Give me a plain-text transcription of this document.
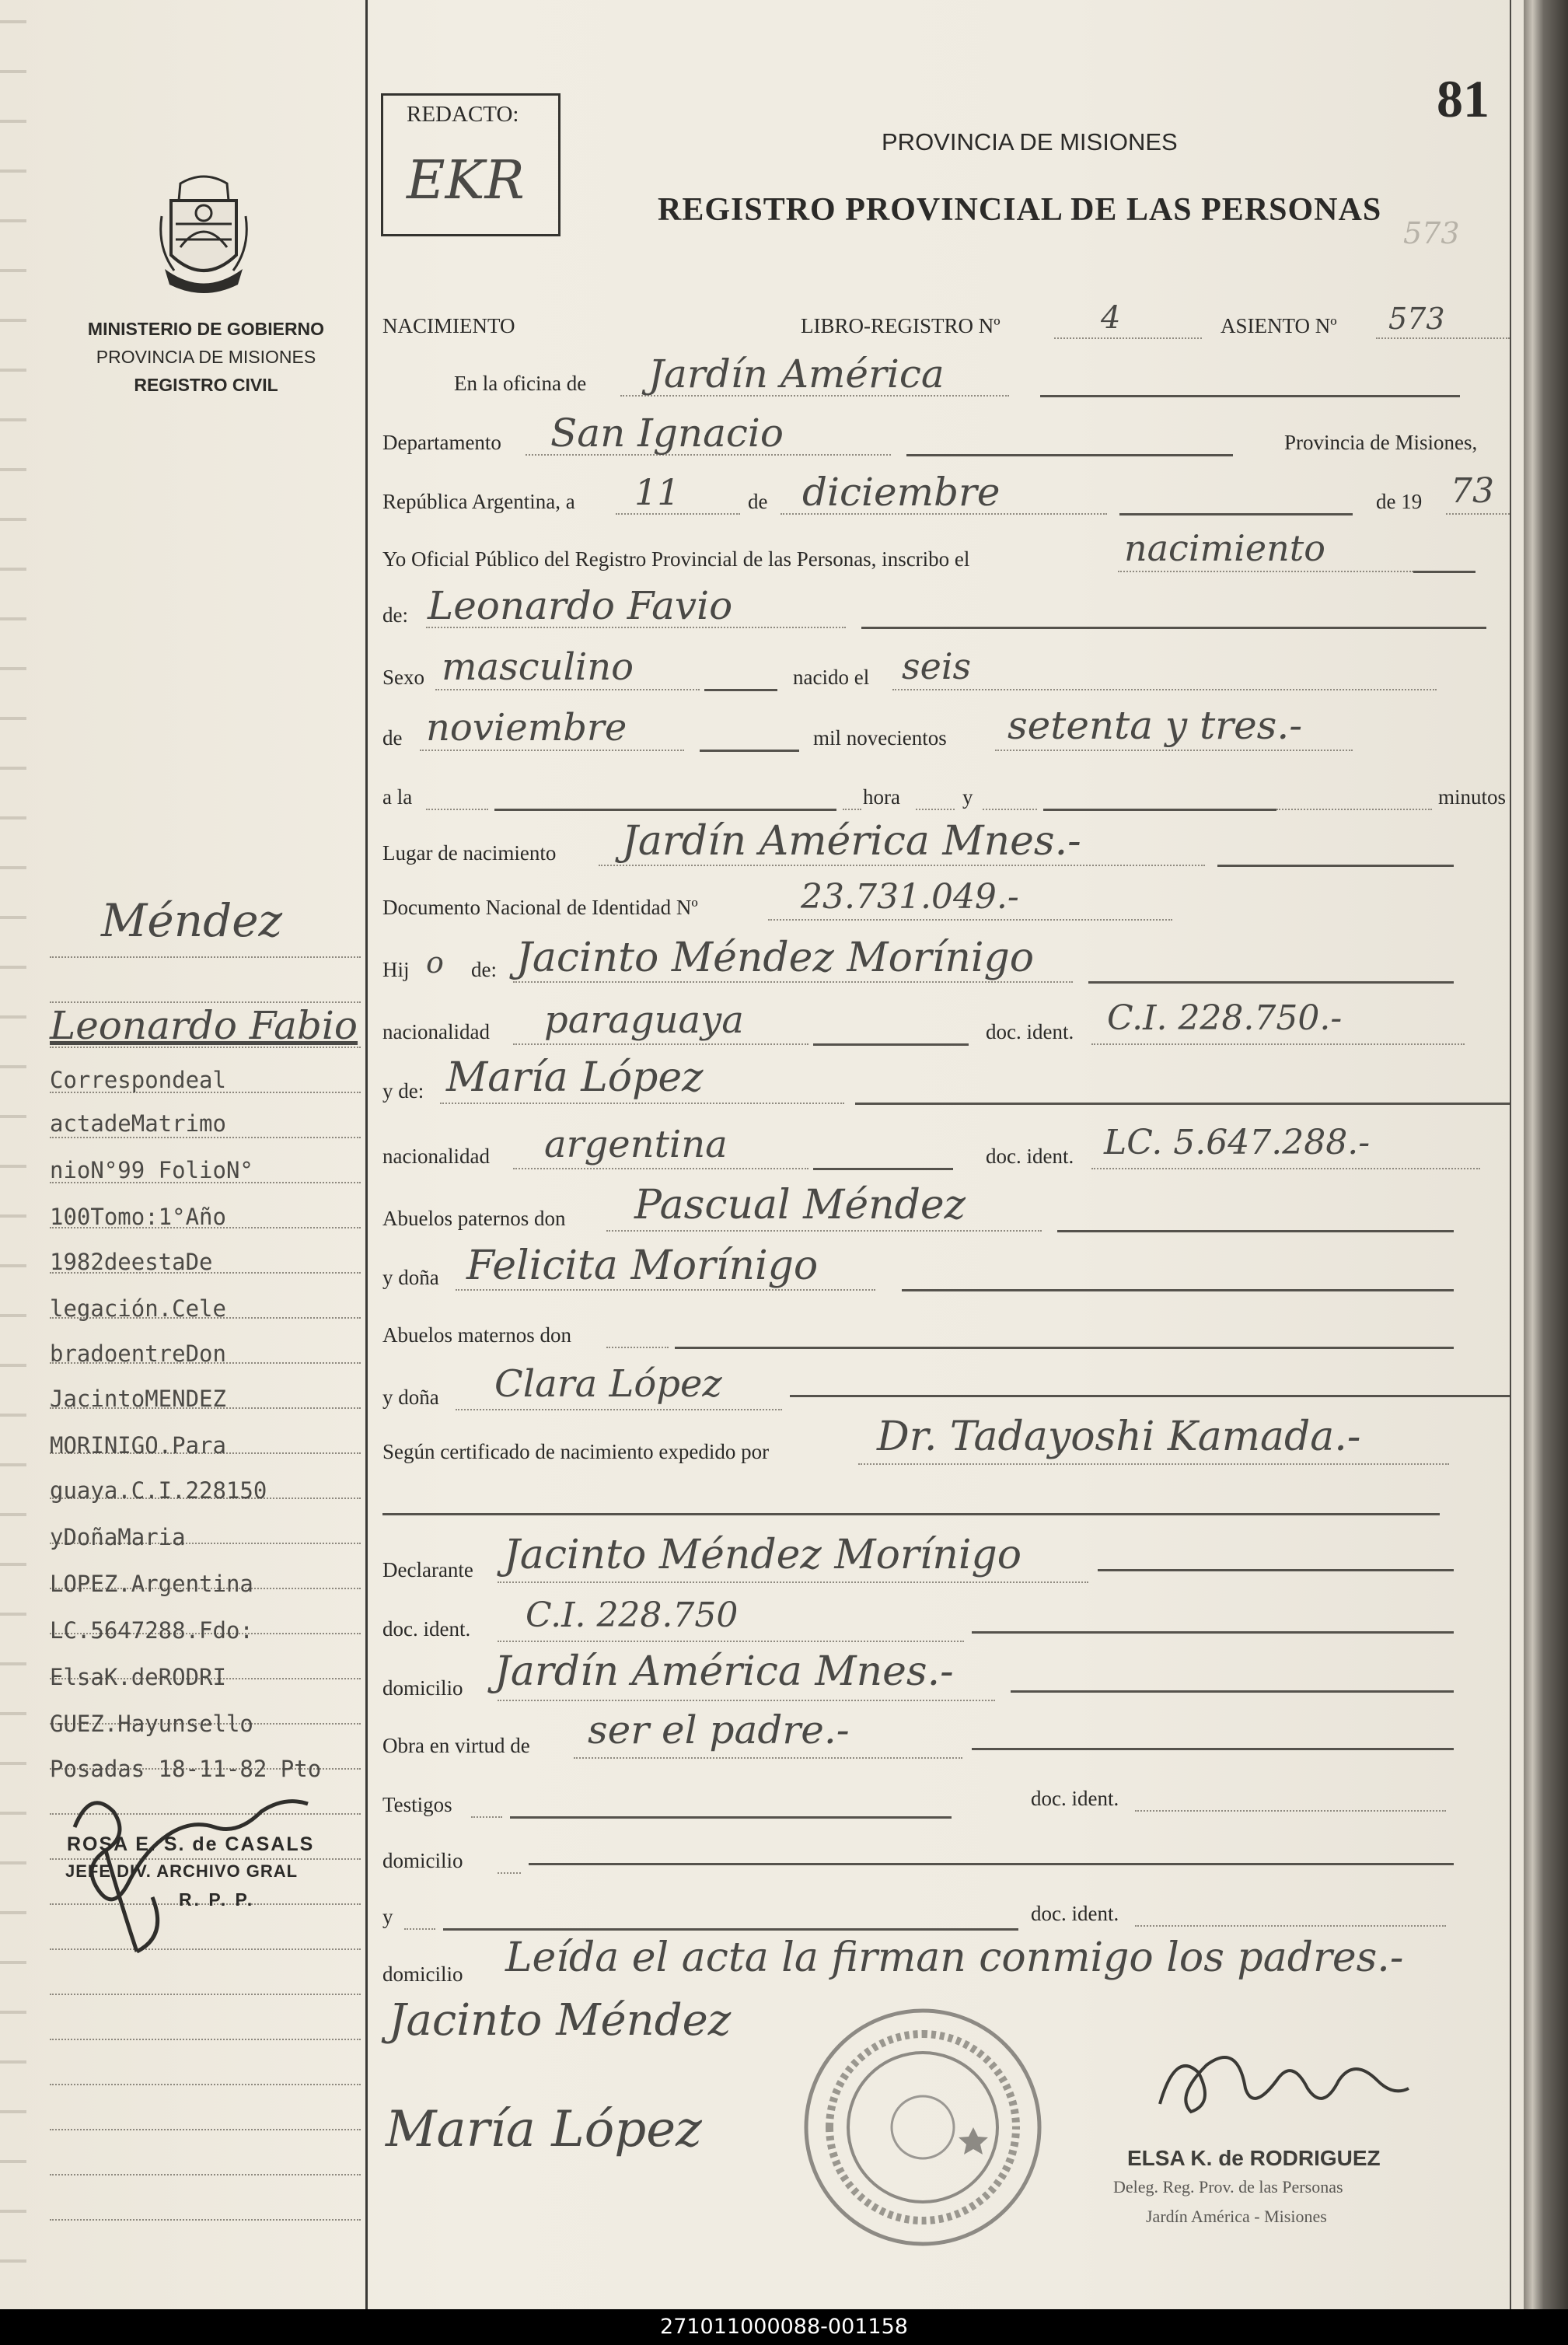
REDACTO:
EKR
81
PROVINCIA DE MISIONES
REGISTRO PROVINCIAL DE LAS PERSONAS
573
MINISTERIO DE GOBIERNO
PROVINCIA DE MISIONES
REGISTRO CIVIL
Méndez
Leonardo Fabio
Correspondeal
actadeMatrimo
nioN°99 FolioN°
100Tomo:1°Año
1982deestaDe
legación.Cele
bradoentreDon
JacintoMENDEZ
MORINIGO.Para
guaya.C.I.228150
yDoñaMaria
LOPEZ.Argentina
LC.5647288.Fdo:
ElsaK.deRODRI
GUEZ.Hayunsello
Posadas 18-11-82 Pto
ROSA E. S. de CASALS
JEFE DIV. ARCHIVO GRAL
R. P. P.
NACIMIENTO	LIBRO-REGISTRO Nº	4	ASIENTO Nº 573
En la oficina de Jardín América
Departamento San Ignacio	Provincia de Misiones,
República Argentina, a 11	de diciembre	de 19 73
Yo Oficial Público del Registro Provincial de las Personas, inscribo el	nacimiento
de: Leonardo Favio
Sexo masculino	nacido el seis
de noviembre	mil novecientos setenta y tres.-
a la	hora	y	minutos
Lugar de nacimiento Jardín América Mnes.-
Documento Nacional de Identidad Nº	23.731.049.-
Hij o de: Jacinto Méndez Morínigo
nacionalidad paraguaya	doc. ident. C.I. 228.750.-
y de: María López
nacionalidad argentina	doc. ident. LC. 5.647.288.-
Abuelos paternos don Pascual Méndez
y doña Felicita Morínigo
Abuelos maternos don
y doña Clara López
Según certificado de nacimiento expedido por	Dr. Tadayoshi Kamada.-
Declarante Jacinto Méndez Morínigo
doc. ident. C.I. 228.750
domicilio Jardín América Mnes.-
Obra en virtud de ser el padre.-
Testigos	doc. ident.
domicilio
y	doc. ident.
domicilio Leída el acta la firman conmigo los padres.-
Jacinto Méndez
María López	ELSA K. de RODRIGUEZ
Deleg. Reg. Prov. de las Personas
Jardín América - Misiones
271011000088-001158
